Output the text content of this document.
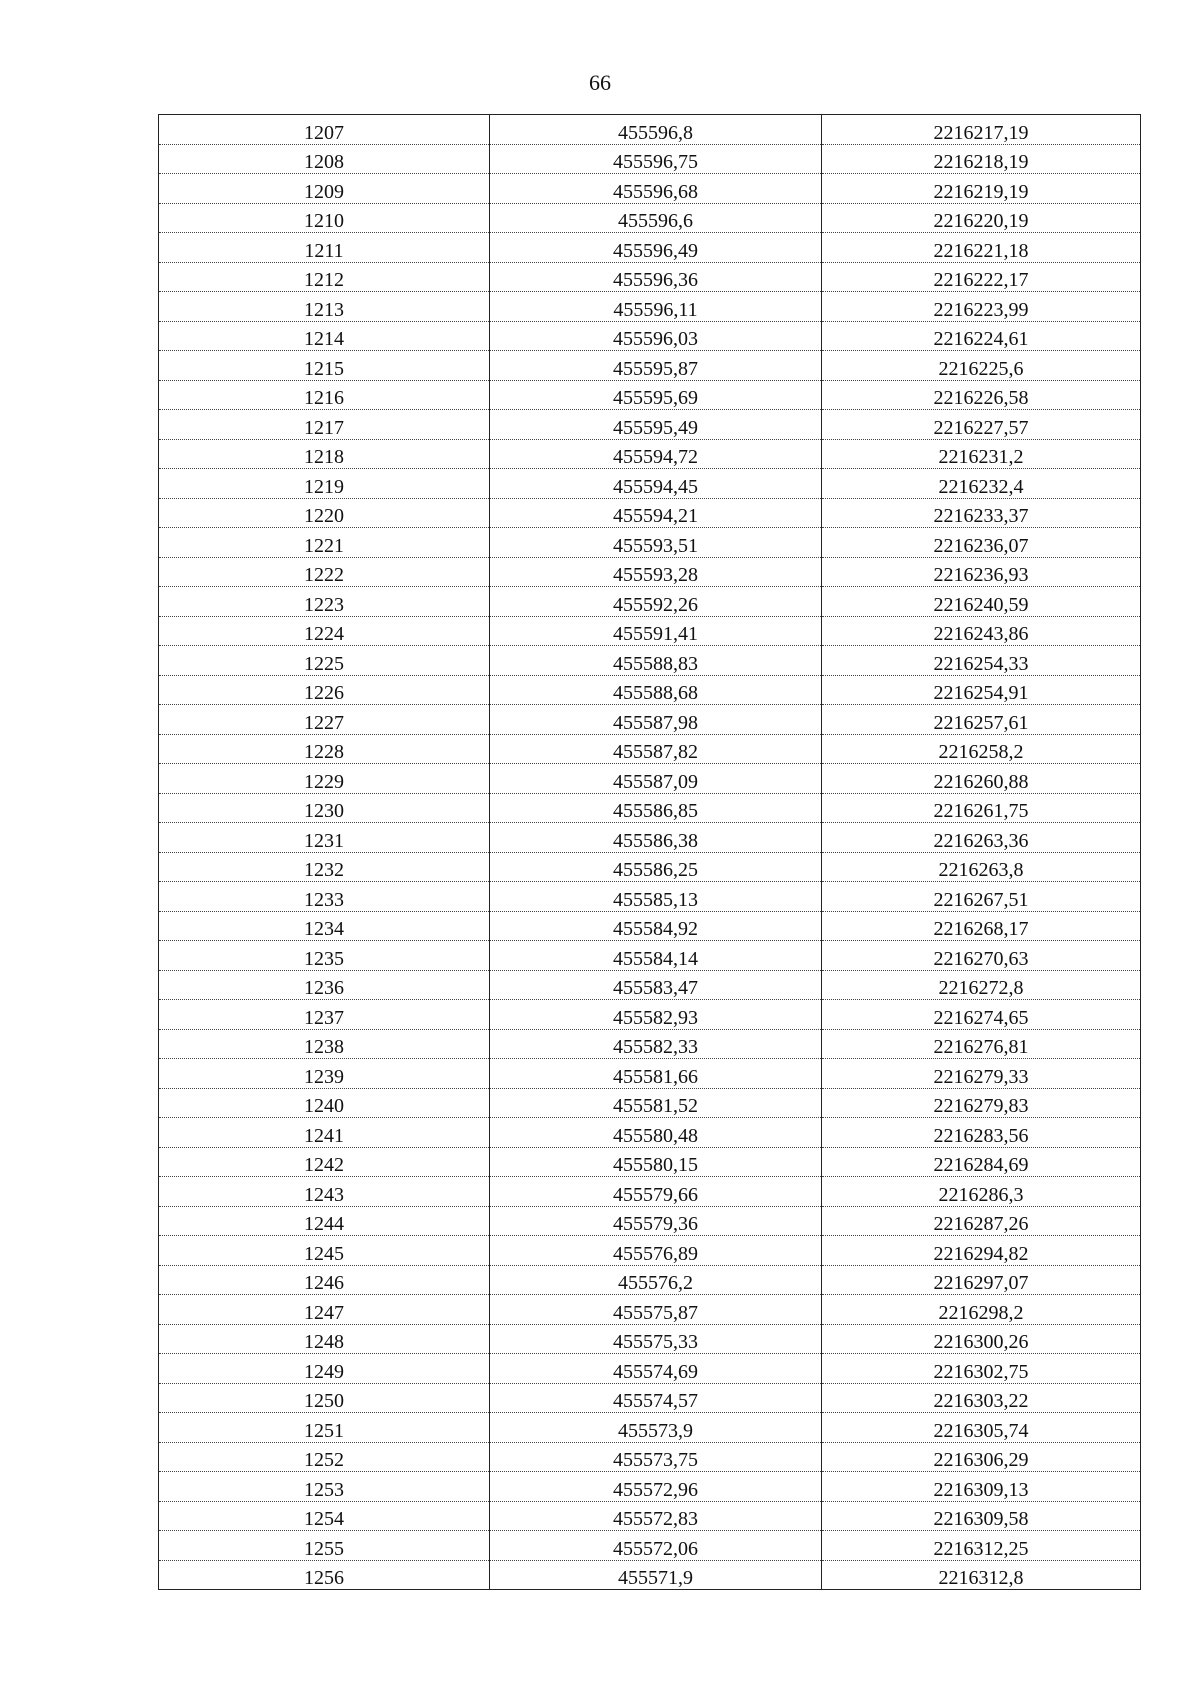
66
1207	455596,8	2216217,19
1208	455596,75	2216218,19
1209	455596,68	2216219,19
1210	455596,6	2216220,19
1211	455596,49	2216221,18
1212	455596,36	2216222,17
1213	455596,11	2216223,99
1214	455596,03	2216224,61
1215	455595,87	2216225,6
1216	455595,69	2216226,58
1217	455595,49	2216227,57
1218	455594,72	2216231,2
1219	455594,45	2216232,4
1220	455594,21	2216233,37
1221	455593,51	2216236,07
1222	455593,28	2216236,93
1223	455592,26	2216240,59
1224	455591,41	2216243,86
1225	455588,83	2216254,33
1226	455588,68	2216254,91
1227	455587,98	2216257,61
1228	455587,82	2216258,2
1229	455587,09	2216260,88
1230	455586,85	2216261,75
1231	455586,38	2216263,36
1232	455586,25	2216263,8
1233	455585,13	2216267,51
1234	455584,92	2216268,17
1235	455584,14	2216270,63
1236	455583,47	2216272,8
1237	455582,93	2216274,65
1238	455582,33	2216276,81
1239	455581,66	2216279,33
1240	455581,52	2216279,83
1241	455580,48	2216283,56
1242	455580,15	2216284,69
1243	455579,66	2216286,3
1244	455579,36	2216287,26
1245	455576,89	2216294,82
1246	455576,2	2216297,07
1247	455575,87	2216298,2
1248	455575,33	2216300,26
1249	455574,69	2216302,75
1250	455574,57	2216303,22
1251	455573,9	2216305,74
1252	455573,75	2216306,29
1253	455572,96	2216309,13
1254	455572,83	2216309,58
1255	455572,06	2216312,25
1256	455571,9	2216312,8
